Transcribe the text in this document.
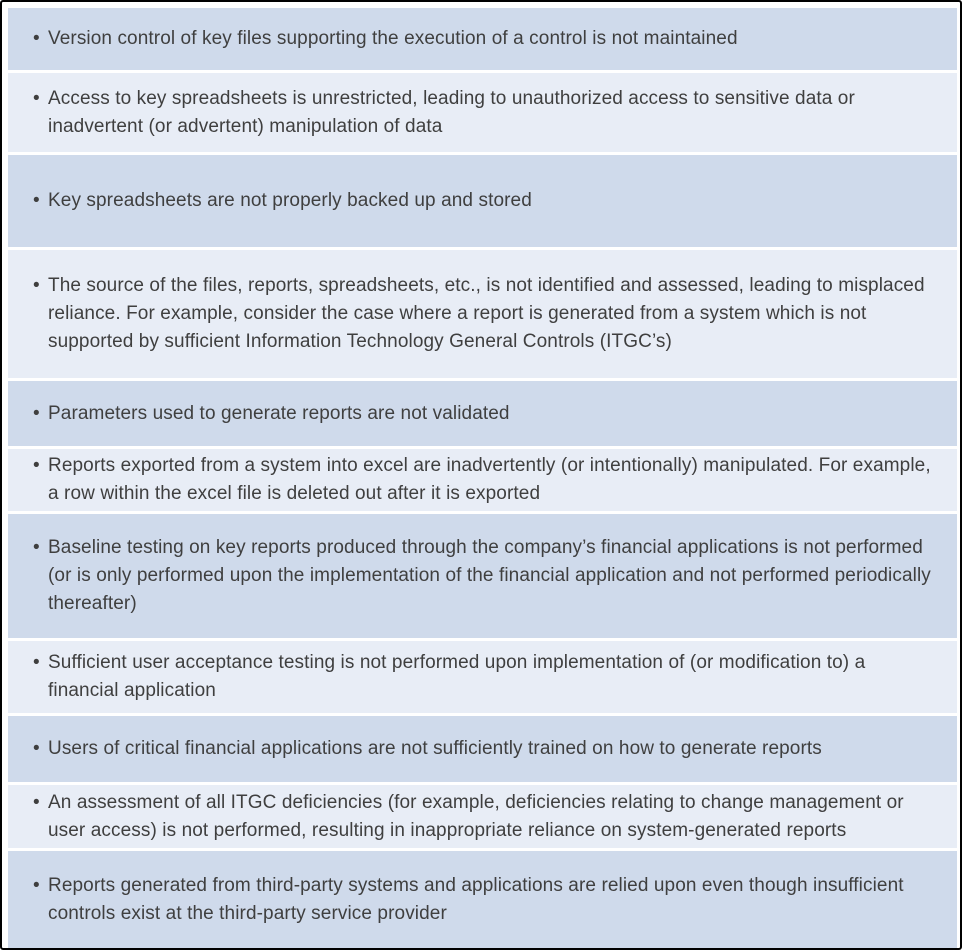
• Version control of key files supporting the execution of a control is not maintained
• Access to key spreadsheets is unrestricted, leading to unauthorized access to sensitive data or inadvertent (or advertent) manipulation of data
• Key spreadsheets are not properly backed up and stored
• The source of the files, reports, spreadsheets, etc., is not identified and assessed, leading to misplaced reliance. For example, consider the case where a report is generated from a system which is not supported by sufficient Information Technology General Controls (ITGC’s)
• Parameters used to generate reports are not validated
• Reports exported from a system into excel are inadvertently (or intentionally) manipulated. For example, a row within the excel file is deleted out after it is exported
• Baseline testing on key reports produced through the company’s financial applications is not performed (or is only performed upon the implementation of the financial application and not performed periodically thereafter)
• Sufficient user acceptance testing is not performed upon implementation of (or modification to) a financial application
• Users of critical financial applications are not sufficiently trained on how to generate reports
• An assessment of all ITGC deficiencies (for example, deficiencies relating to change management or user access) is not performed, resulting in inappropriate reliance on system-generated reports
• Reports generated from third-party systems and applications are relied upon even though insufficient controls exist at the third-party service provider
